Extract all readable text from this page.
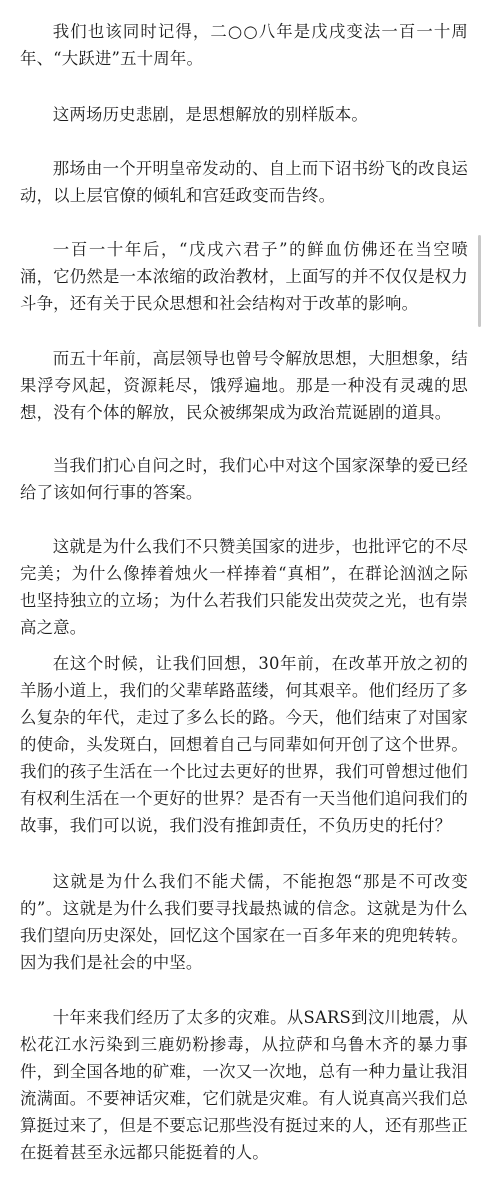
我们也该同时记得，二○○八年是戊戌变法一百一十周年、“大跃进”五十周年。

这两场历史悲剧，是思想解放的别样版本。

那场由一个开明皇帝发动的、自上而下诏书纷飞的改良运动，以上层官僚的倾轧和宫廷政变而告终。

一百一十年后，“戊戌六君子”的鲜血仿佛还在当空喷涌，它仍然是一本浓缩的政治教材，上面写的并不仅仅是权力斗争，还有关于民众思想和社会结构对于改革的影响。

而五十年前，高层领导也曾号令解放思想，大胆想象，结果浮夸风起，资源耗尽，饿殍遍地。那是一种没有灵魂的思想，没有个体的解放，民众被绑架成为政治荒诞剧的道具。

当我们扪心自问之时，我们心中对这个国家深挚的爱已经给了该如何行事的答案。

这就是为什么我们不只赞美国家的进步，也批评它的不尽完美；为什么像捧着烛火一样捧着“真相”，在群论汹汹之际也坚持独立的立场；为什么若我们只能发出荧荧之光，也有崇高之意。

在这个时候，让我们回想，30年前，在改革开放之初的羊肠小道上，我们的父辈荜路蓝缕，何其艰辛。他们经历了多么复杂的年代，走过了多么长的路。今天，他们结束了对国家的使命，头发斑白，回想着自己与同辈如何开创了这个世界。我们的孩子生活在一个比过去更好的世界，我们可曾想过他们有权利生活在一个更好的世界？是否有一天当他们追问我们的故事，我们可以说，我们没有推卸责任，不负历史的托付？

这就是为什么我们不能犬儒，不能抱怨“那是不可改变的”。这就是为什么我们要寻找最热诚的信念。这就是为什么我们望向历史深处，回忆这个国家在一百多年来的兜兜转转。因为我们是社会的中坚。

十年来我们经历了太多的灾难。从SARS到汶川地震，从松花江水污染到三鹿奶粉掺毒，从拉萨和乌鲁木齐的暴力事件，到全国各地的矿难，一次又一次地，总有一种力量让我泪流满面。不要神话灾难，它们就是灾难。有人说真高兴我们总算挺过来了，但是不要忘记那些没有挺过来的人，还有那些正在挺着甚至永远都只能挺着的人。
